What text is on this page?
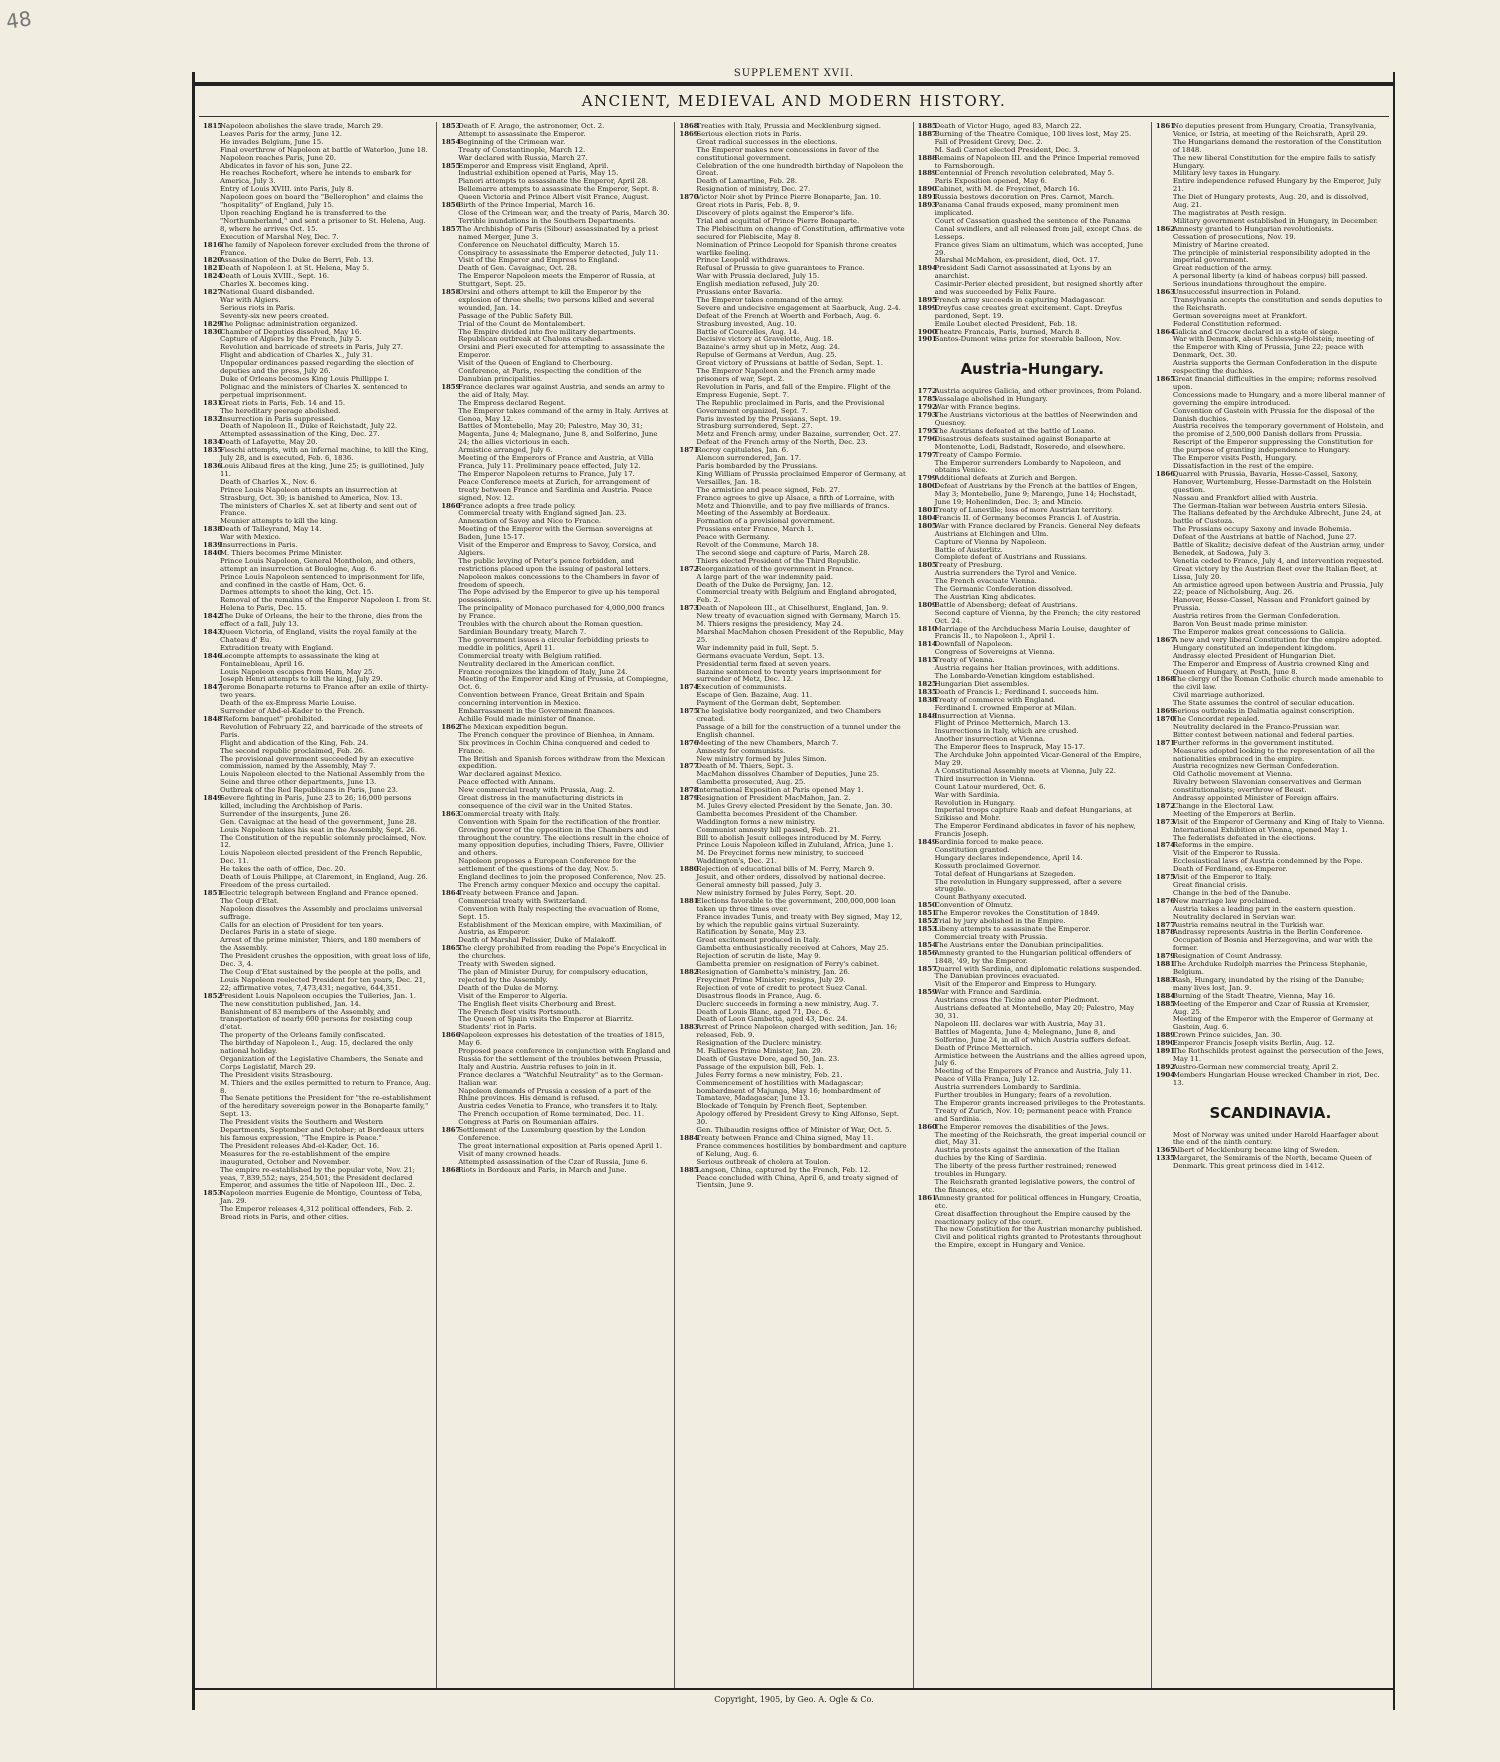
48
SUPPLEMENT XVII.
ANCIENT, MEDIEVAL AND MODERN HISTORY.
1815
Napoleon abolishes the slave trade, March 29.
Leaves Paris for the army, June 12.
He invades Belgium, June 15.
Final overthrow of Napoleon at battle of Waterloo, June 18.
Napoleon reaches Paris, June 20.
Abdicates in favor of his son, June 22.
He reaches Rochefort, where he intends to embark for America, July 3.
Entry of Louis XVIII. into Paris, July 8.
Napoleon goes on board the "Bellerophon" and claims the "hospitality" of England, July 15.
Upon reaching England he is transferred to the "Northumberland," and sent a prisoner to St. Helena, Aug. 8, where he arrives Oct. 15.
Execution of Marshal Ney, Dec. 7.
1816
The family of Napoleon forever excluded from the throne of France.
1820
Assassination of the Duke de Berri, Feb. 13.
1821
Death of Napoleon I. at St. Helena, May 5.
1824
Death of Louis XVIII., Sept. 16.
Charles X. becomes king.
1827
National Guard disbanded.
War with Algiers.
Serious riots in Paris.
Seventy-six new peers created.
1829
The Polignac administration organized.
1830
Chamber of Deputies dissolved, May 16.
Capture of Algiers by the French, July 5.
Revolution and barricade of streets in Paris, July 27.
Flight and abdication of Charles X., July 31.
Unpopular ordinances passed regarding the election of deputies and the press, July 26.
Duke of Orleans becomes King Louis Phillippe I.
Polignac and the ministers of Charles X. sentenced to perpetual imprisonment.
1831
Great riots in Paris, Feb. 14 and 15.
The hereditary peerage abolished.
1832
Insurrection in Paris suppressed.
Death of Napoleon II., Duke of Reichstadt, July 22.
Attempted assassination of the King, Dec. 27.
1834
Death of Lafayette, May 20.
1835
Fieschi attempts, with an infernal machine, to kill the King, July 28, and is executed, Feb. 6, 1836.
1836
Louis Alibaud fires at the king, June 25; is guillotined, July 11.
Death of Charles X., Nov. 6.
Prince Louis Napoleon attempts an insurrection at Strasburg, Oct. 30; is banished to America, Nov. 13.
The ministers of Charles X. set at liberty and sent out of France.
Meunier attempts to kill the king.
1838
Death of Talleyrand, May 14.
War with Mexico.
1839
Insurrections in Paris.
1840
M. Thiers becomes Prime Minister.
Prince Louis Napoleon, General Montholon, and others, attempt an insurrection at Boulogne, Aug. 6.
Prince Louis Napoleon sentenced to imprisonment for life, and confined in the castle of Ham, Oct. 6.
Darmes attempts to shoot the king, Oct. 15.
Removal of the remains of the Emperor Napoleon I. from St. Helena to Paris, Dec. 15.
1842
The Duke of Orleans, the heir to the throne, dies from the effect of a fall, July 13.
1843
Queen Victoria, of England, visits the royal family at the Chateau d' Eu.
Extradition treaty with England.
1846
Lecompte attempts to assassinate the king at Fontainebleau, April 16.
Louis Napoleon escapes from Ham, May 25.
Joseph Henri attempts to kill the king, July 29.
1847
Jerome Bonaparte returns to France after an exile of thirty-two years.
Death of the ex-Empress Marie Louise.
Surrender of Abd-el-Kader to the French.
1848
"Reform banquet" prohibited.
Revolution of February 22, and barricade of the streets of Paris.
Flight and abdication of the King, Feb. 24.
The second republic proclaimed, Feb. 26.
The provisional government succeeded by an executive commission, named by the Assembly, May 7.
Louis Napoleon elected to the National Assembly from the Seine and three other departments, June 13.
Outbreak of the Red Republicans in Paris, June 23.
1849
Severe fighting in Paris, June 23 to 26; 16,000 persons killed, including the Archbishop of Paris.
Surrender of the insurgents, June 26.
Gen. Cavaignac at the head of the government, June 28.
Louis Napoleon takes his seat in the Assembly, Sept. 26.
The Constitution of the republic solemnly proclaimed, Nov. 12.
Louis Napoleon elected president of the French Republic, Dec. 11.
He takes the oath of office, Dec. 20.
Death of Louis Philippe, at Claremont, in England, Aug. 26.
Freedom of the press curtailed.
1851
Electric telegraph between England and France opened.
The Coup d'Etat.
Napoleon dissolves the Assembly and proclaims universal suffrage.
Calls for an election of President for ten years.
Declares Paris in a state of siege.
Arrest of the prime minister, Thiers, and 180 members of the Assembly.
The President crushes the opposition, with great loss of life, Dec. 3, 4.
The Coup d'Etat sustained by the people at the polls, and Louis Napoleon reelected President for ten years, Dec. 21, 22; affirmative votes, 7,473,431; negative, 644,351.
1852
President Louis Napoleon occupies the Tuileries, Jan. 1.
The new constitution published, Jan. 14.
Banishment of 83 members of the Assembly, and transportation of nearly 600 persons for resisting coup d'etat.
The property of the Orleans family confiscated.
The birthday of Napoleon I., Aug. 15, declared the only national holiday.
Organization of the Legislative Chambers, the Senate and Corps Legislatif, March 29.
The President visits Strasbourg.
M. Thiers and the exiles permitted to return to France, Aug. 8.
The Senate petitions the President for "the re-establishment of the hereditary sovereign power in the Bonaparte family," Sept. 13.
The President visits the Southern and Western Departments, September and October; at Bordeaux utters his famous expression, "The Empire is Peace."
The President releases Abd-el-Kader, Oct. 16.
Measures for the re-establishment of the empire inaugurated, October and November.
The empire re-established by the popular vote, Nov. 21; yeas, 7,839,552; nays, 254,501; the President declared Emperor, and assumes the title of Napoleon III., Dec. 2.
1853
Napoleon marries Eugenie de Montigo, Countess of Teba, Jan. 29.
The Emperor releases 4,312 political offenders, Feb. 2.
Bread riots in Paris, and other cities.
1853
Death of F. Arago, the astronomer, Oct. 2.
Attempt to assassinate the Emperor.
1854
Beginning of the Crimean war.
Treaty of Constantinople, March 12.
War declared with Russia, March 27.
1855
Emperor and Empress visit England, April.
Industrial exhibition opened at Paris, May 15.
Pianori attempts to assassinate the Emperor, April 28.
Bellemarre attempts to assassinate the Emperor, Sept. 8.
Queen Victoria and Prince Albert visit France, August.
1856
Birth of the Prince Imperial, March 16.
Close of the Crimean war, and the treaty of Paris, March 30.
Terrible inundations in the Southern Departments.
1857
The Archbishop of Paris (Sibour) assassinated by a priest named Merger, June 3.
Conference on Neuchatel difficulty, March 15.
Conspiracy to assassinate the Emperor detected, July 11.
Visit of the Emperor and Empress to England.
Death of Gen. Cavaignac, Oct. 28.
The Emperor Napoleon meets the Emperor of Russia, at Stuttgart, Sept. 25.
1858
Orsini and others attempt to kill the Emperor by the explosion of three shells; two persons killed and several wounded, Jan. 14.
Passage of the Public Safety Bill.
Trial of the Count de Montalembert.
The Empire divided into five military departments.
Republican outbreak at Chalons crushed.
Orsini and Pieri executed for attempting to assassinate the Emperor.
Visit of the Queen of England to Cherbourg.
Conference, at Paris, respecting the condition of the Danubian principalities.
1859
France declares war against Austria, and sends an army to the aid of Italy, May.
The Empress declared Regent.
The Emperor takes command of the army in Italy. Arrives at Genoa, May 12.
Battles of Montebello, May 20; Palestro, May 30, 31; Magenta, June 4; Malegnano, June 8, and Solferino, June 24; the allies victorious in each.
Armistice arranged, July 6.
Meeting of the Emperors of France and Austria, at Villa Franca, July 11. Preliminary peace effected, July 12.
The Emperor Napoleon returns to France, July 17.
Peace Conference meets at Zurich, for arrangement of treaty between France and Sardinia and Austria. Peace signed, Nov. 12.
1860
France adopts a free trade policy.
Commercial treaty with England signed Jan. 23.
Annexation of Savoy and Nice to France.
Meeting of the Emperor with the German sovereigns at Baden, June 15-17.
Visit of the Emperor and Empress to Savoy, Corsica, and Algiers.
The public levying of Peter's pence forbidden, and restrictions placed upon the issuing of pastoral letters.
Napoleon makes concessions to the Chambers in favor of freedom of speech.
The Pope advised by the Emperor to give up his temporal possessions.
The principality of Monaco purchased for 4,000,000 francs by France.
Troubles with the church about the Roman question.
Sardinian Boundary treaty, March 7.
The government issues a circular forbidding priests to meddle in politics, April 11.
Commercial treaty with Belgium ratified.
Neutrality declared in the American conflict.
France recognizes the kingdom of Italy, June 24.
Meeting of the Emperor and King of Prussia, at Compiegne, Oct. 6.
Convention between France, Great Britain and Spain concerning intervention in Mexico.
Embarrassment in the Government finances.
Achille Fould made minister of finance.
1862
The Mexican expedition begun.
The French conquer the province of Bienhoa, in Annam.
Six provinces in Cochin China conquered and ceded to France.
The British and Spanish forces withdraw from the Mexican expedition.
War declared against Mexico.
Peace effected with Annam.
New commercial treaty with Prussia, Aug. 2.
Great distress in the manufacturing districts in consequence of the civil war in the United States.
1863
Commercial treaty with Italy.
Convention with Spain for the rectification of the frontier.
Growing power of the opposition in the Chambers and throughout the country. The elections result in the choice of many opposition deputies, including Thiers, Favre, Ollivier and others.
Napoleon proposes a European Conference for the settlement of the questions of the day, Nov. 5.
England declines to join the proposed Conference, Nov. 25. The French army conquer Mexico and occupy the capital.
1864
Treaty between France and Japan.
Commercial treaty with Switzerland.
Convention with Italy respecting the evacuation of Rome, Sept. 15.
Establishment of the Mexican empire, with Maximilian, of Austria, as Emperor.
Death of Marshal Pelissier, Duke of Malakoff.
1865
The clergy prohibited from reading the Pope's Encyclical in the churches.
Treaty with Sweden signed.
The plan of Minister Duruy, for compulsory education, rejected by the Assembly.
Death of the Duke de Morny.
Visit of the Emperor to Algeria.
The English fleet visits Cherbourg and Brest.
The French fleet visits Portsmouth.
The Queen of Spain visits the Emperor at Biarritz.
Students' riot in Paris.
1866
Napoleon expresses his detestation of the treaties of 1815, May 6.
Proposed peace conference in conjunction with England and Russia for the settlement of the troubles between Prussia, Italy and Austria. Austria refuses to join in it.
France declares a "Watchful Neutrality" as to the German-Italian war.
Napoleon demands of Prussia a cession of a part of the Rhine provinces. His demand is refused.
Austria cedes Venetia to France, who transfers it to Italy.
The French occupation of Rome terminated, Dec. 11.
Congress at Paris on Roumanian affairs.
1867
Settlement of the Luxemburg question by the London Conference.
The great international exposition at Paris opened April 1. Visit of many crowned heads.
Attempted assassination of the Czar of Russia, June 6.
1868
Riots in Bordeaux and Paris, in March and June.
1868
Treaties with Italy, Prussia and Mecklenburg signed.
1869
Serious election riots in Paris.
Great radical successes in the elections.
The Emperor makes new concessions in favor of the constitutional government.
Celebration of the one hundredth birthday of Napoleon the Great.
Death of Lamartine, Feb. 28.
Resignation of ministry, Dec. 27.
1870
Victor Noir shot by Prince Pierre Bonaparte, Jan. 10.
Great riots in Paris, Feb. 8, 9.
Discovery of plots against the Emperor's life.
Trial and acquittal of Prince Pierre Bonaparte.
The Plebiscitum on change of Constitution, affirmative vote secured for Plebiscite, May 8.
Nomination of Prince Leopold for Spanish throne creates warlike feeling.
Prince Leopold withdraws.
Refusal of Prussia to give guarantees to France.
War with Prussia declared, July 15.
English mediation refused, July 20.
Prussians enter Bavaria.
The Emperor takes command of the army.
Severe and undecisive engagement at Saarbuck, Aug. 2-4.
Defeat of the French at Woerth and Forbach, Aug. 6.
Strasburg invested, Aug. 10.
Battle of Courcelles, Aug. 14.
Decisive victory at Gravelotte, Aug. 18.
Bazaine's army shut up in Metz, Aug. 24.
Repulse of Germans at Verdun, Aug. 25.
Great victory of Prussians at battle of Sedan, Sept. 1.
The Emperor Napoleon and the French army made prisoners of war, Sept. 2.
Revolution in Paris, and fall of the Empire. Flight of the Empress Eugenie, Sept. 7.
The Republic proclaimed in Paris, and the Provisional Government organized, Sept. 7.
Paris invested by the Prussians, Sept. 19.
Strasburg surrendered, Sept. 27.
Metz and French army, under Bazaine, surrender, Oct. 27.
Defeat of the French army of the North, Dec. 23.
1871
Rocroy capitulates, Jan. 6.
Alencon surrendered, Jan. 17.
Paris bombarded by the Prussians.
King William of Prussia proclaimed Emperor of Germany, at Versailles, Jan. 18.
The armistice and peace signed, Feb. 27.
France agrees to give up Alsace, a fifth of Lorraine, with Metz and Thionville, and to pay five milliards of francs.
Meeting of the Assembly at Bordeaux.
Formation of a provisional government.
Prussians enter France, March 1.
Peace with Germany.
Revolt of the Commune, March 18.
The second siege and capture of Paris, March 28.
Thiers elected President of the Third Republic.
1872
Reorganization of the government in France.
A large part of the war indemnity paid.
Death of the Duke de Persigny, Jan. 12.
Commercial treaty with Belgium and England abrogated, Feb. 2.
1873
Death of Napoleon III., at Chiselhurst, England, Jan. 9.
New treaty of evacuation signed with Germany, March 15.
M. Thiers resigns the presidency, May 24.
Marshal MacMahon chosen President of the Republic, May 25.
War indemnity paid in full, Sept. 5.
Germans evacuate Verdun, Sept. 13.
Presidential term fixed at seven years.
Bazaine sentenced to twenty years imprisonment for surrender of Metz, Dec. 12.
1874
Execution of communists.
Escape of Gen. Bazaine, Aug. 11.
Payment of the German debt, September.
1875
The legislative body reorganized, and two Chambers created.
Passage of a bill for the construction of a tunnel under the English channel.
1876
Meeting of the new Chambers, March 7.
Amnesty for communists.
New ministry formed by Jules Simon.
1877
Death of M. Thiers, Sept. 3.
MacMahon dissolves Chamber of Deputies, June 25.
Gambetta prosecuted, Aug. 25.
1878
International Exposition at Paris opened May 1.
1879
Resignation of President MacMahon, Jan. 2.
M. Jules Grevy elected President by the Senate, Jan. 30.
Gambetta becomes President of the Chamber.
Waddington forms a new ministry.
Communist amnesty bill passed, Feb. 21.
Bill to abolish Jesuit colleges introduced by M. Ferry.
Prince Louis Napoleon killed in Zululand, Africa, June 1.
M. De Freycinet forms new ministry, to succeed Waddington's, Dec. 21.
1880
Rejection of educational bills of M. Ferry, March 9.
Jesuit, and other orders, dissolved by national decree.
General amnesty bill passed, July 3.
New ministry formed by Jules Ferry, Sept. 20.
1881
Elections favorable to the government, 200,000,000 loan taken up three times over.
France invades Tunis, and treaty with Bey signed, May 12, by which the republic gains virtual Suzerainty.
Ratification by Senate, May 23.
Great excitement produced in Italy.
Gambetta enthusiastically received at Cahors, May 25.
Rejection of scrutin de liste, May 9.
Gambetta premier on resignation of Ferry's cabinet.
1882
Resignation of Gambetta's ministry, Jan. 26.
Freycinet Prime Minister; resigns, July 29.
Rejection of vote of credit to protect Suez Canal.
Disastrous floods in France, Aug. 6.
Duclerc succeeds in forming a new ministry, Aug. 7.
Death of Louis Blanc, aged 71, Dec. 6.
Death of Leon Gambetta, aged 43, Dec. 24.
1883
Arrest of Prince Napoleon charged with sedition, Jan. 16; released, Feb. 9.
Resignation of the Duclerc ministry.
M. Fallieres Prime Minister, Jan. 29.
Death of Gustave Dore, aged 50, Jan. 23.
Passage of the expulsion bill, Feb. 1.
Jules Ferry forms a new ministry, Feb. 21.
Commencement of hostilities with Madagascar; bombardment of Majunga, May 16; bombardment of Tamatave, Madagascar, June 13.
Blockade of Tonquin by French fleet, September.
Apology offered by President Grevy to King Alfonso, Sept. 30.
Gen. Thibaudin resigns office of Minister of War, Oct. 5.
1884
Treaty between France and China signed, May 11.
France commences hostilities by bombardment and capture of Kelung, Aug. 6.
Serious outbreak of cholera at Toulon.
1885
Langson, China, captured by the French, Feb. 12.
Peace concluded with China, April 6, and treaty signed of Tientsin, June 9.
1885
Death of Victor Hugo, aged 83, March 22.
1887
Burning of the Theatre Comique, 100 lives lost, May 25.
Fall of President Grevy, Dec. 2.
M. Sadi Carnot elected President, Dec. 3.
1888
Remains of Napoleon III. and the Prince Imperial removed to Farnsborough.
1889
Centennial of French revolution celebrated, May 5.
Paris Exposition opened, May 6.
1890
Cabinet, with M. de Freycinet, March 16.
1891
Russia bestows decoration on Pres. Carnot, March.
1893
Panama Canal frauds exposed, many prominent men implicated.
Court of Cassation quashed the sentence of the Panama Canal swindlers, and all released from jail, except Chas. de Lesseps.
France gives Siam an ultimatum, which was accepted, June 29.
Marshal McMahon, ex-president, died, Oct. 17.
1894
President Sadi Carnot assassinated at Lyons by an anarchist.
Casimir-Perier elected president, but resigned shortly after and was succeeded by Felix Faure.
1895
French army succeeds in capturing Madagascar.
1899
Dreyfus case creates great excitement. Capt. Dreyfus pardoned, Sept. 19.
Emile Loubet elected President, Feb. 18.
1900
Theatre Francais, Paris, burned, March 8.
1901
Santos-Dumont wins prize for steerable balloon, Nov.
Austria-Hungary.
1772
Austria acquires Galicia, and other provinces, from Poland.
1785
Vassalage abolished in Hungary.
1792
War with France begins.
1793
The Austrians victorious at the battles of Neerwinden and Quesnoy.
1795
The Austrians defeated at the battle of Loano.
1796
Disastrous defeats sustained against Bonaparte at Montenotte, Lodi, Badstadt, Roseredo, and elsewhere.
1797
Treaty of Campo Formio.
The Emperor surrenders Lombardy to Napoleon, and obtains Venice.
1799
Additional defeats at Zurich and Bergen.
1800
Defeat of Austrians by the French at the battles of Engen, May 3; Montebello, June 9; Marengo, June 14; Hochstadt, June 19; Hohenlinden, Dec. 3; and Mincio.
1801
Treaty of Luneville; loss of more Austrian territory.
1804
Francis II. of Germany becomes Francis I. of Austria.
1805
War with France declared by Francis. General Ney defeats Austrians at Elchingen and Ulm.
Capture of Vienna by Napoleon.
Battle of Austerlitz.
Complete defeat of Austrians and Russians.
1805
Treaty of Presburg.
Austria surrenders the Tyrol and Venice.
The French evacuate Vienna.
The Germanic Confederation dissolved.
The Austrian King abdicates.
1809
Battle of Abensberg; defeat of Austrians.
Second capture of Vienna, by the French; the city restored Oct. 24.
1810
Marriage of the Archduchess Maria Louise, daughter of Francis II., to Napoleon I., April 1.
1814
Downfall of Napoleon.
Congress of Sovereigns at Vienna.
1815
Treaty of Vienna.
Austria regains her Italian provinces, with additions.
The Lombardo-Venetian kingdom established.
1825
Hungarian Diet assembles.
1835
Death of Francis I.; Ferdinand I. succeeds him.
1838
Treaty of commerce with England.
Ferdinand I. crowned Emperor at Milan.
1848
Insurrection at Vienna.
Flight of Prince Metternich, March 13.
Insurrections in Italy, which are crushed.
Another insurrection at Vienna.
The Emperor flees to Inspruck, May 15-17.
The Archduke John appointed Vicar-General of the Empire, May 29.
A Constitutional Assembly meets at Vienna, July 22.
Third insurrection in Vienna.
Count Latour murdered, Oct. 6.
War with Sardinia.
Revolution in Hungary.
Imperial troops capture Raab and defeat Hungarians, at Szikisso and Mohr.
The Emperor Ferdinand abdicates in favor of his nephew, Francis Joseph.
1849
Sardinia forced to make peace.
Constitution granted.
Hungary declares independence, April 14.
Kossuth proclaimed Governor.
Total defeat of Hungarians at Szegeden.
The revolution in Hungary suppressed, after a severe struggle.
Count Bathyany executed.
1850
Convention of Olmutz.
1851
The Emperor revokes the Constitution of 1849.
1852
Trial by jury abolished in the Empire.
1853
Libeny attempts to assassinate the Emperor.
Commercial treaty with Prussia.
1854
The Austrians enter the Danubian principalities.
1856
Amnesty granted to the Hungarian political offenders of 1848, '49, by the Emperor.
1857
Quarrel with Sardinia, and diplomatic relations suspended.
The Danubian provinces evacuated.
Visit of the Emperor and Empress to Hungary.
1859
War with France and Sardinia.
Austrians cross the Ticino and enter Piedmont.
Austrians defeated at Montebello, May 20; Palestro, May 30, 31.
Napoleon III. declares war with Austria, May 31.
Battles of Magenta, June 4; Melegnano, June 8, and Solferino, June 24, in all of which Austria suffers defeat.
Death of Prince Metternich.
Armistice between the Austrians and the allies agreed upon, July 6.
Meeting of the Emperors of France and Austria, July 11.
Peace of Villa Franca, July 12.
Austria surrenders Lombardy to Sardinia.
Further troubles in Hungary; fears of a revolution.
The Emperor grants increased privileges to the Protestants.
Treaty of Zurich, Nov. 10; permanent peace with France and Sardinia.
1860
The Emperor removes the disabilities of the Jews.
The meeting of the Reichsrath, the great imperial council or diet, May 31.
Austria protests against the annexation of the Italian duchies by the King of Sardinia.
The liberty of the press further restrained; renewed troubles in Hungary.
The Reichsrath granted legislative powers, the control of the finances, etc.
1861
Amnesty granted for political offences in Hungary, Croatia, etc.
Great disaffection throughout the Empire caused by the reactionary policy of the court.
The new Constitution for the Austrian monarchy published.
Civil and political rights granted to Protestants throughout the Empire, except in Hungary and Venice.
1861
No deputies present from Hungary, Croatia, Transylvania, Venice, or Istria, at meeting of the Reichsrath, April 29.
The Hungarians demand the restoration of the Constitution of 1848.
The new liberal Constitution for the empire fails to satisfy Hungary.
Military levy taxes in Hungary.
Entire independence refused Hungary by the Emperor, July 21.
The Diet of Hungary protests, Aug. 20, and is dissolved, Aug. 21.
The magistrates at Pesth resign.
Military government established in Hungary, in December.
1862
Amnesty granted to Hungarian revolutionists.
Cessation of prosecutions, Nov. 19.
Ministry of Marine created.
The principle of ministerial responsibility adopted in the imperial government.
Great reduction of the army.
A personal liberty (a kind of habeas corpus) bill passed.
Serious inundations throughout the empire.
1863
Unsuccessful insurrection in Poland.
Transylvania accepts the constitution and sends deputies to the Reichsrath.
German sovereigns meet at Frankfort.
Federal Constitution reformed.
1864
Galicia and Cracow declared in a state of siege.
War with Denmark, about Schleswig-Holstein; meeting of the Emperor with King of Prussia, June 22; peace with Denmark, Oct. 30.
Austria supports the German Confederation in the dispute respecting the duchies.
1865
Great financial difficulties in the empire; reforms resolved upon.
Concessions made to Hungary, and a more liberal manner of governing the empire introduced.
Convention of Gastein with Prussia for the disposal of the Danish duchies.
Austria receives the temporary government of Holstein, and the promise of 2,500,000 Danish dollars from Prussia.
Rescript of the Emperor suppressing the Constitution for the purpose of granting independence to Hungary.
The Emperor visits Pesth, Hungary.
Dissatisfaction in the rest of the empire.
1866
Quarrel with Prussia, Bavaria, Hesse-Cassel, Saxony, Hanover, Wurtemburg, Hesse-Darmstadt on the Holstein question.
Nassau and Frankfort allied with Austria.
The German-Italian war between Austria enters Silesia.
The Italians defeated by the Archduke Albrecht, June 24, at battle of Custoza.
The Prussians occupy Saxony and invade Bohemia.
Defeat of the Austrians at battle of Nachod, June 27.
Battle of Skalitz; decisive defeat of the Austrian army, under Benedek, at Sadowa, July 3.
Venetia ceded to France, July 4, and intervention requested.
Great victory by the Austrian fleet over the Italian fleet, at Lissa, July 20.
An armistice agreed upon between Austria and Prussia, July 22; peace of Nicholsburg, Aug. 26.
Hanover, Hesse-Cassel, Nassau and Frankfort gained by Prussia.
Austria retires from the German Confederation.
Baron Von Beust made prime minister.
The Emperor makes great concessions to Galicia.
1867
A new and very liberal Constitution for the empire adopted.
Hungary constituted an independent kingdom.
Andrassy elected President of Hungarian Diet.
The Emperor and Empress of Austria crowned King and Queen of Hungary, at Pesth, June 8.
1868
The clergy of the Roman Catholic church made amenable to the civil law.
Civil marriage authorized.
The State assumes the control of secular education.
1869
Serious outbreaks in Dalmatia against conscription.
1870
The Concordat repealed.
Neutrality declared in the Franco-Prussian war.
Bitter contest between national and federal parties.
1871
Further reforms in the government instituted.
Measures adopted looking to the representation of all the nationalities embraced in the empire.
Austria recognizes new German Confederation.
Old Catholic movement at Vienna.
Rivalry between Slavonian conservatives and German constitutionalists; overthrow of Beust.
Andrassy appointed Minister of Foreign affairs.
1872
Change in the Electoral Law.
Meeting of the Emperors at Berlin.
1873
Visit of the Emperor of Germany and King of Italy to Vienna.
International Exhibition at Vienna, opened May 1.
The federalists defeated in the elections.
1874
Reforms in the empire.
Visit of the Emperor to Russia.
Ecclesiastical laws of Austria condemned by the Pope.
Death of Ferdinand, ex-Emperor.
1875
Visit of the Emperor to Italy.
Great financial crisis.
Change in the bed of the Danube.
1876
New marriage law proclaimed.
Austria takes a leading part in the eastern question.
Neutrality declared in Servian war.
1877
Austria remains neutral in the Turkish war.
1878
Andrassy represents Austria in the Berlin Conference.
Occupation of Bosnia and Herzegovina, and war with the former.
1879
Resignation of Count Andrassy.
1881
The Archduke Rudolph marries the Princess Stephanie, Belgium.
1883
Rash, Hungary, inundated by the rising of the Danube; many lives lost, Jan. 9.
1884
Burning of the Stadt Theatre, Vienna, May 16.
1885
Meeting of the Emperor and Czar of Russia at Kremsier, Aug. 25.
Meeting of the Emperor with the Emperor of Germany at Gastein, Aug. 6.
1889
Crown Prince suicides, Jan. 30.
1890
Emperor Francis Joseph visits Berlin, Aug. 12.
1891
The Rothschilds protest against the persecution of the Jews, May 11.
1892
Austro-German new commercial treaty, April 2.
1904
Members Hungarian House wrecked Chamber in riot, Dec. 13.
SCANDINAVIA.
Most of Norway was united under Harold Haarfager about the end of the ninth century.
1365
Albert of Mecklenburg became king of Sweden.
1335
Margaret, the Semiramis of the North, became Queen of Denmark. This great princess died in 1412.
Copyright, 1905, by Geo. A. Ogle & Co.
